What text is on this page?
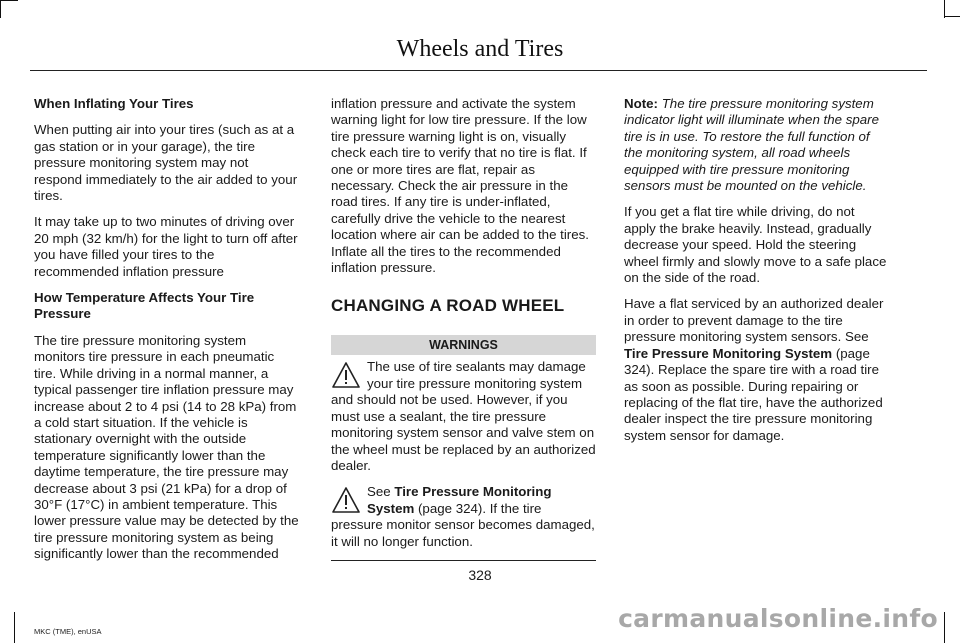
Wheels and Tires

When Inflating Your Tires

When putting air into your tires (such as at a gas station or in your garage), the tire pressure monitoring system may not respond immediately to the air added to your tires.

It may take up to two minutes of driving over 20 mph (32 km/h) for the light to turn off after you have filled your tires to the recommended inflation pressure

How Temperature Affects Your Tire Pressure

The tire pressure monitoring system monitors tire pressure in each pneumatic tire. While driving in a normal manner, a typical passenger tire inflation pressure may increase about 2 to 4 psi (14 to 28 kPa) from a cold start situation. If the vehicle is stationary overnight with the outside temperature significantly lower than the daytime temperature, the tire pressure may decrease about 3 psi (21 kPa) for a drop of 30°F (17°C) in ambient temperature. This lower pressure value may be detected by the tire pressure monitoring system as being significantly lower than the recommended

inflation pressure and activate the system warning light for low tire pressure. If the low tire pressure warning light is on, visually check each tire to verify that no tire is flat. If one or more tires are flat, repair as necessary. Check the air pressure in the road tires. If any tire is under-inflated, carefully drive the vehicle to the nearest location where air can be added to the tires. Inflate all the tires to the recommended inflation pressure.

CHANGING A ROAD WHEEL
WARNINGS
The use of tire sealants may damage your tire pressure monitoring system and should not be used. However, if you must use a sealant, the tire pressure monitoring system sensor and valve stem on the wheel must be replaced by an authorized dealer.
See Tire Pressure Monitoring System (page 324). If the tire pressure monitor sensor becomes damaged, it will no longer function.

Note: The tire pressure monitoring system indicator light will illuminate when the spare tire is in use. To restore the full function of the monitoring system, all road wheels equipped with tire pressure monitoring sensors must be mounted on the vehicle.

If you get a flat tire while driving, do not apply the brake heavily. Instead, gradually decrease your speed. Hold the steering wheel firmly and slowly move to a safe place on the side of the road.

Have a flat serviced by an authorized dealer in order to prevent damage to the tire pressure monitoring system sensors. See Tire Pressure Monitoring System (page 324). Replace the spare tire with a road tire as soon as possible. During repairing or replacing of the flat tire, have the authorized dealer inspect the tire pressure monitoring system sensor for damage.

328
MKC (TME), enUSA	carmanualsonline.info
